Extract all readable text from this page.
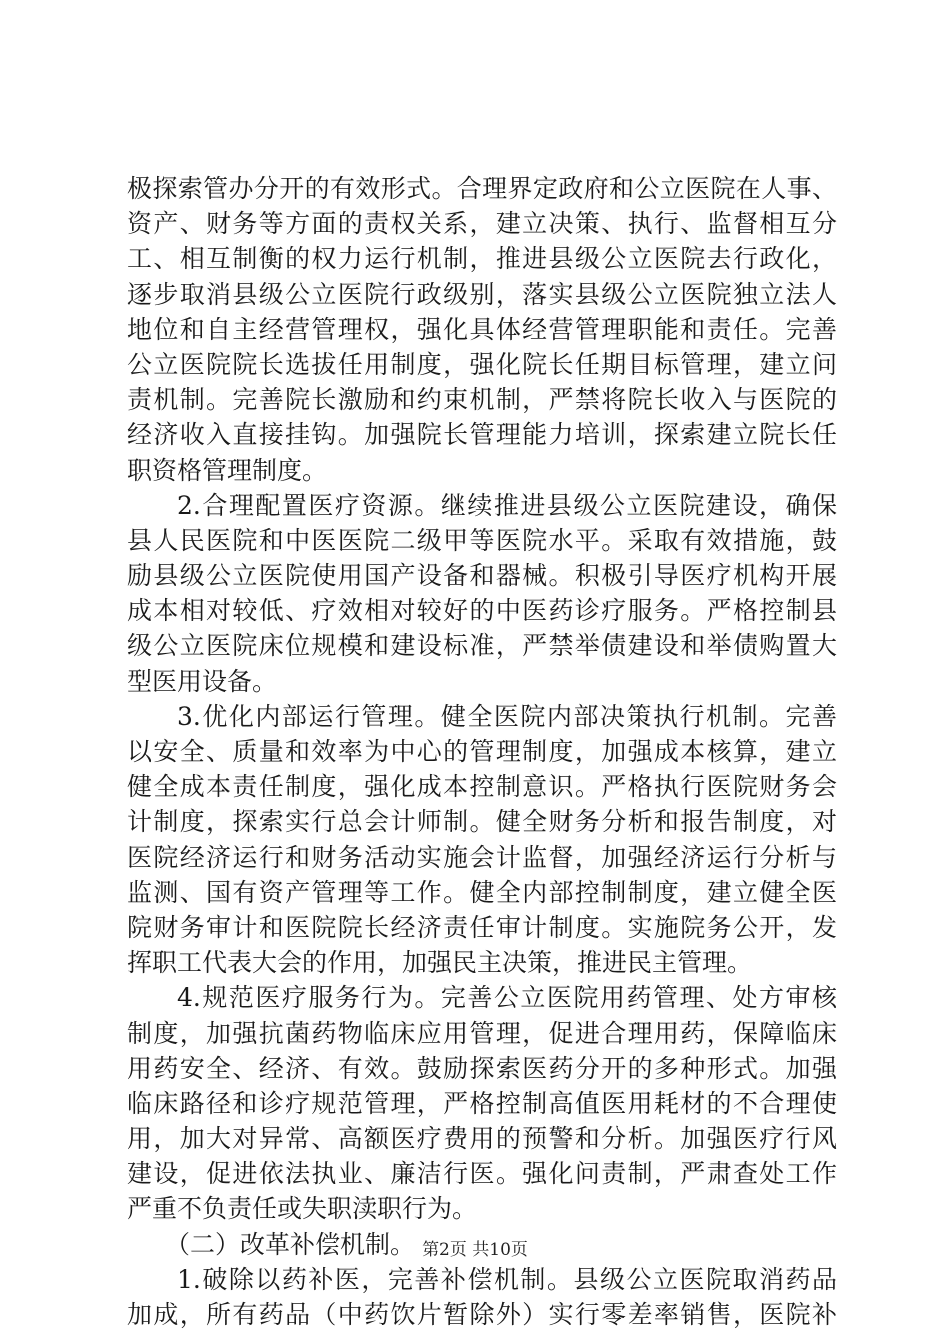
极探索管办分开的有效形式。合理界定政府和公立医院在人事、
资产、财务等方面的责权关系，建立决策、执行、监督相互分
工、相互制衡的权力运行机制，推进县级公立医院去行政化，
逐步取消县级公立医院行政级别，落实县级公立医院独立法人
地位和自主经营管理权，强化具体经营管理职能和责任。完善
公立医院院长选拔任用制度，强化院长任期目标管理，建立问
责机制。完善院长激励和约束机制，严禁将院长收入与医院的
经济收入直接挂钩。加强院长管理能力培训，探索建立院长任
职资格管理制度。
2.合理配置医疗资源。继续推进县级公立医院建设，确保
县人民医院和中医医院二级甲等医院水平。采取有效措施，鼓
励县级公立医院使用国产设备和器械。积极引导医疗机构开展
成本相对较低、疗效相对较好的中医药诊疗服务。严格控制县
级公立医院床位规模和建设标准，严禁举债建设和举债购置大
型医用设备。
3.优化内部运行管理。健全医院内部决策执行机制。完善
以安全、质量和效率为中心的管理制度，加强成本核算，建立
健全成本责任制度，强化成本控制意识。严格执行医院财务会
计制度，探索实行总会计师制。健全财务分析和报告制度，对
医院经济运行和财务活动实施会计监督，加强经济运行分析与
监测、国有资产管理等工作。健全内部控制制度，建立健全医
院财务审计和医院院长经济责任审计制度。实施院务公开，发
挥职工代表大会的作用，加强民主决策，推进民主管理。
4.规范医疗服务行为。完善公立医院用药管理、处方审核
制度，加强抗菌药物临床应用管理，促进合理用药，保障临床
用药安全、经济、有效。鼓励探索医药分开的多种形式。加强
临床路径和诊疗规范管理，严格控制高值医用耗材的不合理使
用，加大对异常、高额医疗费用的预警和分析。加强医疗行风
建设，促进依法执业、廉洁行医。强化问责制，严肃查处工作
严重不负责任或失职渎职行为。
（二）改革补偿机制。
1.破除以药补医，完善补偿机制。县级公立医院取消药品
加成，所有药品（中药饮片暂除外）实行零差率销售，医院补
第2页 共10页
